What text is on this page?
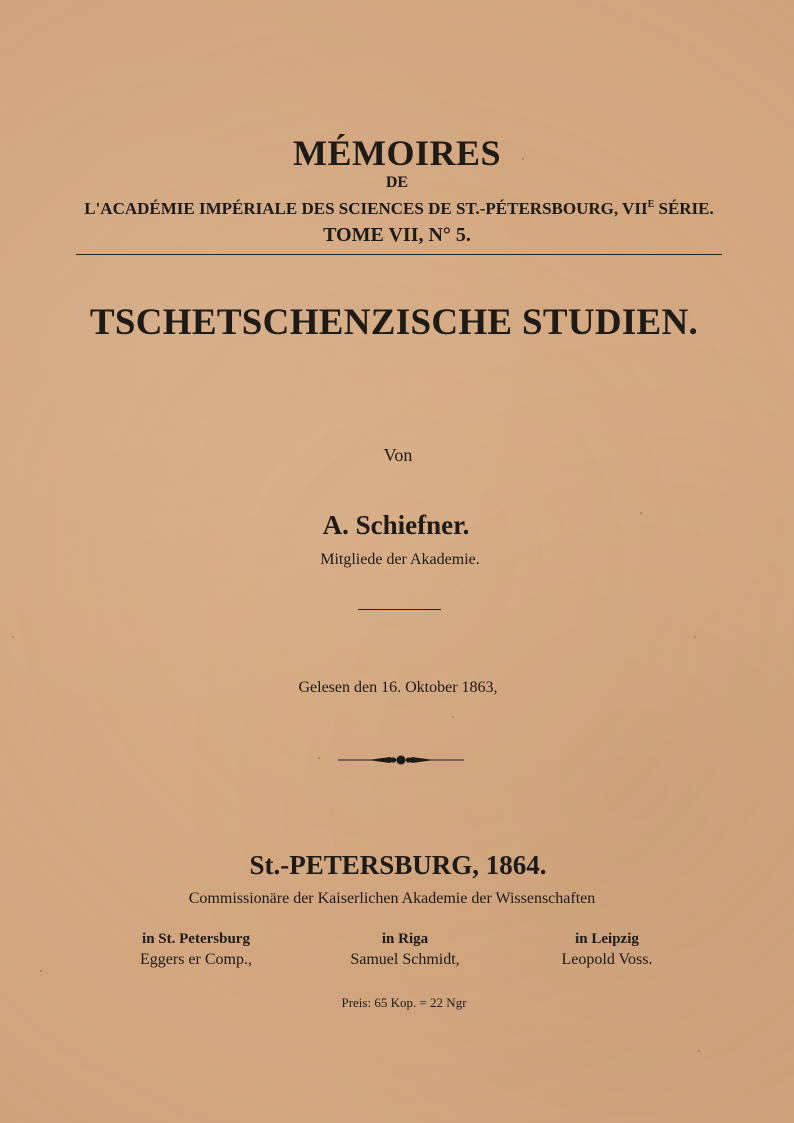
MÉMOIRES
DE
L'ACADÉMIE IMPÉRIALE DES SCIENCES DE ST.-PÉTERSBOURG, $VII^E$ SÉRIE.
TOME VII, N° 5.
TSCHETSCHENZISCHE STUDIEN.
Von
A. Schiefner.
Mitgliede der Akademie.
Gelesen den 16. Oktober 1863,
St.-PETERSBURG, 1864.
Commissionäre der Kaiserlichen Akademie der Wissenschaften
in St. Petersburg
Eggers er Comp.,
in Riga
Samuel Schmidt,
in Leipzig
Leopold Voss.
Preis: 65 Kop. = 22 Ngr
